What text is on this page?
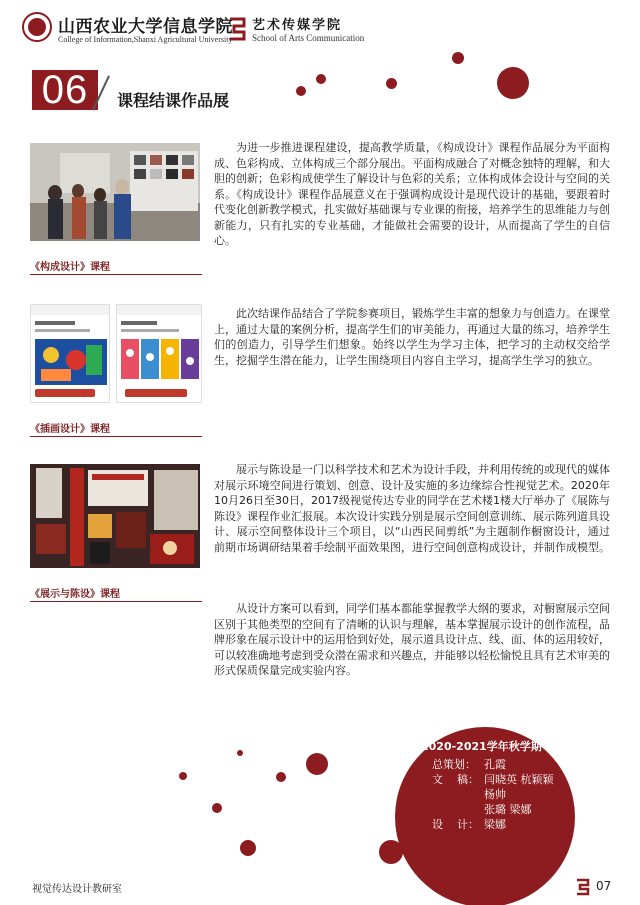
山西农业大学信息学院
College of Information,Shanxi Agricultural University
艺术传媒学院
School of Arts Communication
06	课程结课作品展
《构成设计》课程
为进一步推进课程建设，提高教学质量，《构成设计》课程作品展分为平面构成、色彩构成、立体构成三个部分展出。平面构成融合了对概念独特的理解，和大胆的创新；色彩构成使学生了解设计与色彩的关系；立体构成体会设计与空间的关系。《构成设计》课程作品展意义在于强调构成设计是现代设计的基础，要跟着时代变化创新教学模式，扎实做好基础课与专业课的衔接，培养学生的思维能力与创新能力，只有扎实的专业基础，才能做社会需要的设计，从而提高了学生的自信心。
《插画设计》课程
此次结课作品结合了学院参赛项目，锻炼学生丰富的想象力与创造力。在课堂上，通过大量的案例分析，提高学生们的审美能力，再通过大量的练习，培养学生们的创造力，引导学生们想象。始终以学生为学习主体，把学习的主动权交给学生，挖掘学生潜在能力，让学生围绕项目内容自主学习，提高学生学习的独立。
《展示与陈设》课程
展示与陈设是一门以科学技术和艺术为设计手段，并利用传统的或现代的媒体对展示环境空间进行策划、创意、设计及实施的多边缘综合性视觉艺术。2020年10月26日至30日，2017级视觉传达专业的同学在艺术楼1楼大厅举办了《展陈与陈设》课程作业汇报展。本次设计实践分别是展示空间创意训练、展示陈列道具设计、展示空间整体设计三个项目，以“山西民间剪纸”为主题制作橱窗设计，通过前期市场调研结果着手绘制平面效果图，进行空间创意构成设计，并制作成模型。
从设计方案可以看到，同学们基本都能掌握教学大纲的要求，对橱窗展示空间区别于其他类型的空间有了清晰的认识与理解，基本掌握展示设计的创作流程，品牌形象在展示设计中的运用恰到好处，展示道具设计点、线、面、体的运用较好，可以较准确地考虑到受众潜在需求和兴趣点，并能够以轻松愉悦且具有艺术审美的形式保质保量完成实验内容。
2020-2021学年秋学期
总策划： 孔霞
文    稿： 闫晓英 杭颖颖
杨帅
张璐 梁娜
设    计： 梁娜
视觉传达设计教研室	07
